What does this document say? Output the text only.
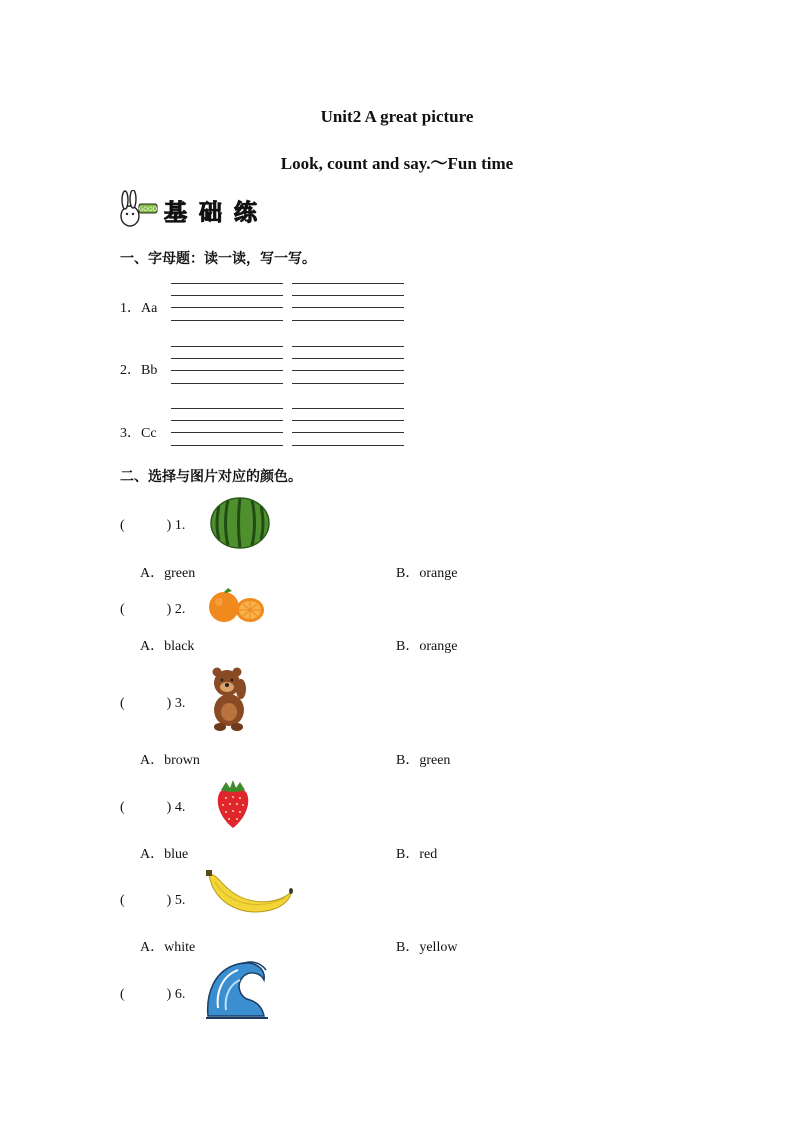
Unit2 A great picture
Look, count and say.～Fun time
GOOD 基 础 练
一、字母题：读一读，写一写。
1．Aa
2．Bb
3．Cc
二、选择与图片对应的颜色。
(　　　) 1.
A．green	B．orange
(　　　) 2.
A．black	B．orange
(　　　) 3.
A．brown	B．green
(　　　) 4.
A．blue	B．red
(　　　) 5.
A．white	B．yellow
(　　　) 6.
